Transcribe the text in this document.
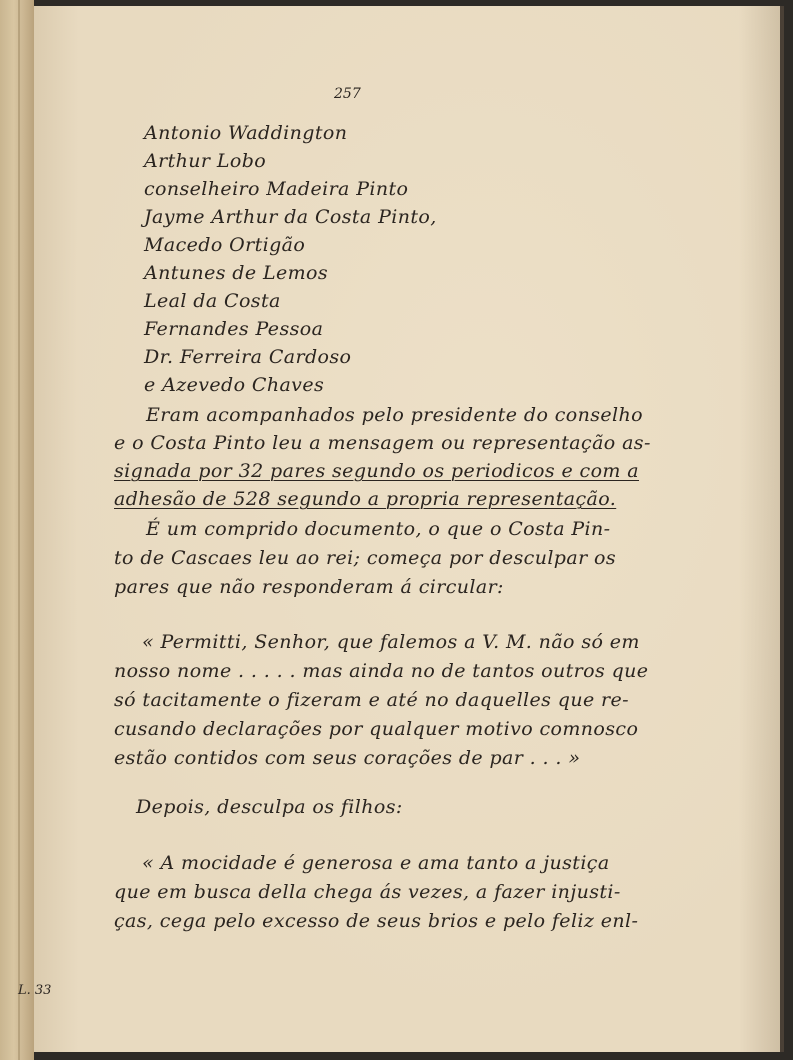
257
Antonio Waddington
Arthur Lobo
conselheiro Madeira Pinto
Jayme Arthur da Costa Pinto,
Macedo Ortigão
Antunes de Lemos
Leal da Costa
Fernandes Pessoa
Dr. Ferreira Cardoso
e Azevedo Chaves
Eram acompanhados pelo presidente do conselho
e o Costa Pinto leu a mensagem ou representação as-
signada por 32 pares segundo os periodicos e com a
adhesão de 528 segundo a propria representação.
É um comprido documento, o que o Costa Pin-
to de Cascaes leu ao rei; começa por desculpar os
pares que não responderam á circular:
« Permitti, Senhor, que falemos a V. M. não só em
nosso nome . . . . . mas ainda no de tantos outros que
só tacitamente o fizeram e até no daquelles que re-
cusando declarações por qualquer motivo comnosco
estão contidos com seus corações de par . . . »
Depois, desculpa os filhos:
« A mocidade é generosa e ama tanto a justiça
que em busca della chega ás vezes, a fazer injusti-
ças, cega pelo excesso de seus brios e pelo feliz enl-
L. 33
